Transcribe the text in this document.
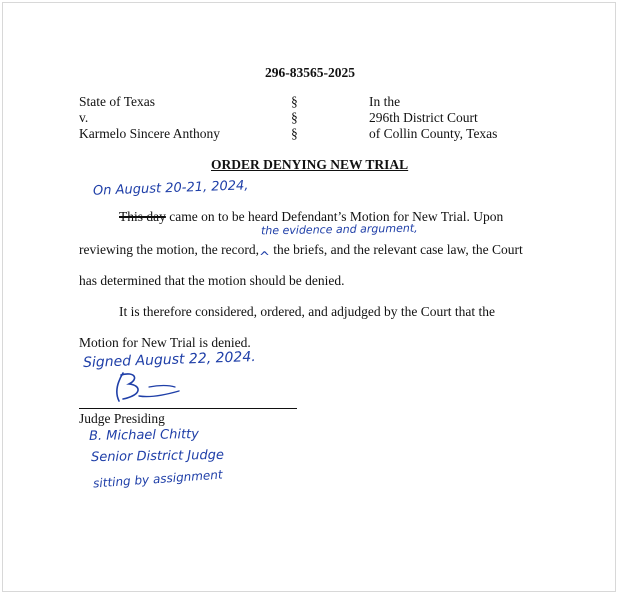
296-83565-2025
State of Texas
v.
Karmelo Sincere Anthony
§
§
§
In the
296th District Court
of Collin County, Texas
ORDER DENYING NEW TRIAL
On August 20-21, 2024,
This day came on to be heard Defendant’s Motion for New Trial. Upon
the evidence and argument,
reviewing the motion, the record,^ the briefs, and the relevant case law, the Court
has determined that the motion should be denied.
It is therefore considered, ordered, and adjudged by the Court that the
Motion for New Trial is denied.
Signed August 22, 2024.
Judge Presiding
B. Michael Chitty
Senior District Judge
sitting by assignment
